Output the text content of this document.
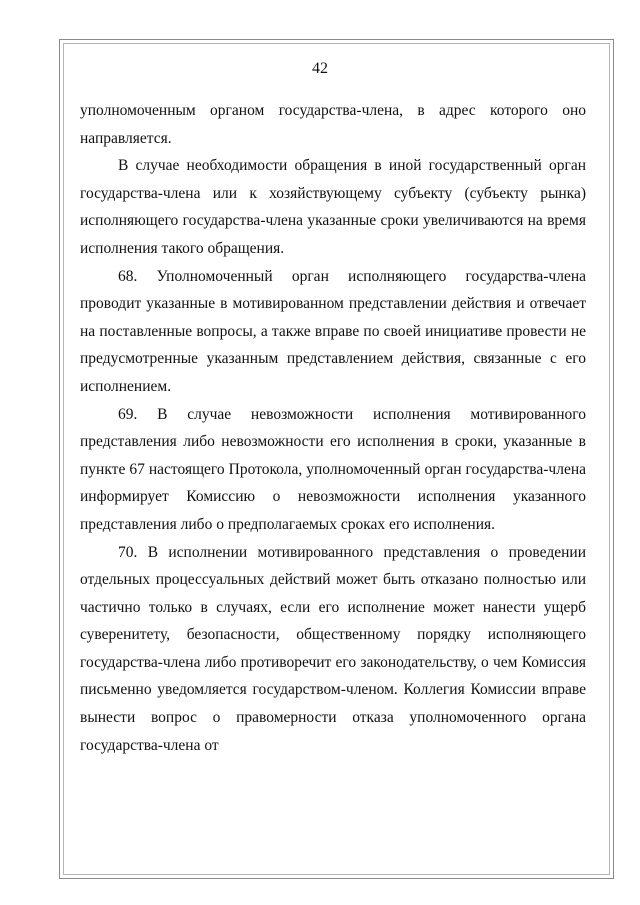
42

уполномоченным органом государства-члена, в адрес которого оно направляется.

В случае необходимости обращения в иной государственный орган государства-члена или к хозяйствующему субъекту (субъекту рынка) исполняющего государства-члена указанные сроки увеличиваются на время исполнения такого обращения.

68. Уполномоченный орган исполняющего государства-члена проводит указанные в мотивированном представлении действия и отвечает на поставленные вопросы, а также вправе по своей инициативе провести не предусмотренные указанным представлением действия, связанные с его исполнением.

69. В случае невозможности исполнения мотивированного представления либо невозможности его исполнения в сроки, указанные в пункте 67 настоящего Протокола, уполномоченный орган государства-члена информирует Комиссию о невозможности исполнения указанного представления либо о предполагаемых сроках его исполнения.

70. В исполнении мотивированного представления о проведении отдельных процессуальных действий может быть отказано полностью или частично только в случаях, если его исполнение может нанести ущерб суверенитету, безопасности, общественному порядку исполняющего государства-члена либо противоречит его законодательству, о чем Комиссия письменно уведомляется государством-членом. Коллегия Комиссии вправе вынести вопрос о правомерности отказа уполномоченного органа государства-члена от
